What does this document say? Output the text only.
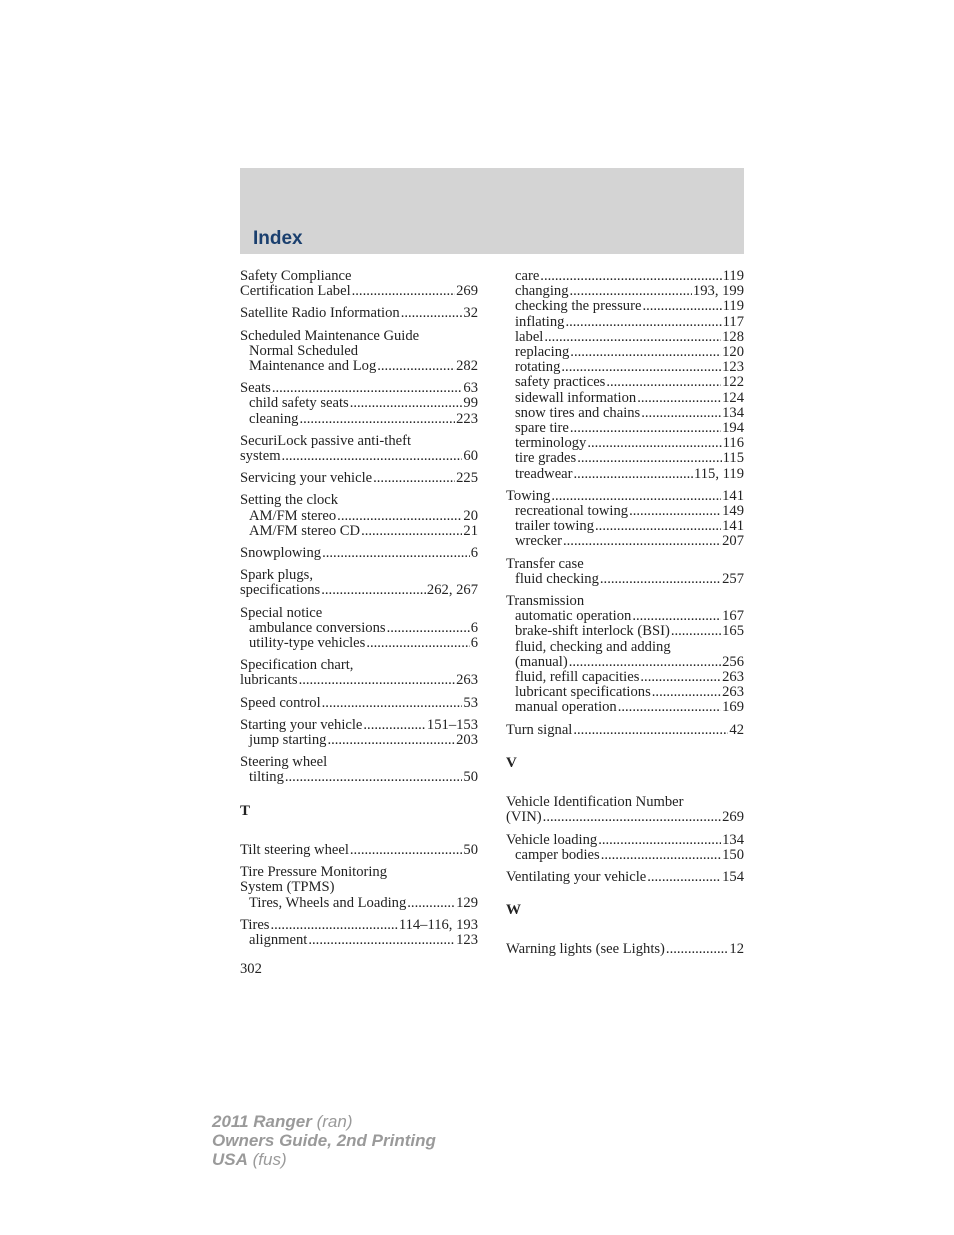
Index
Safety Compliance
Certification Label .....	269
Satellite Radio Information .....	32
Scheduled Maintenance Guide
Normal Scheduled
Maintenance and Log .....	282
Seats .....	63
child safety seats .....	99
cleaning .....	223
SecuriLock passive anti-theft
system .....	60
Servicing your vehicle .....	225
Setting the clock
AM/FM stereo .....	20
AM/FM stereo CD .....	21
Snowplowing .....	6
Spark plugs,
specifications .....	262, 267
Special notice
ambulance conversions .....	6
utility-type vehicles .....	6
Specification chart,
lubricants .....	263
Speed control .....	53
Starting your vehicle .....	151–153
jump starting .....	203
Steering wheel
tilting .....	50
T
Tilt steering wheel .....	50
Tire Pressure Monitoring
System (TPMS)
Tires, Wheels and Loading .....	129
Tires .....	114–116, 193
alignment .....	123
care .....	119
changing .....	193, 199
checking the pressure .....	119
inflating .....	117
label .....	128
replacing .....	120
rotating .....	123
safety practices .....	122
sidewall information .....	124
snow tires and chains .....	134
spare tire .....	194
terminology .....	116
tire grades .....	115
treadwear .....	115, 119
Towing .....	141
recreational towing .....	149
trailer towing .....	141
wrecker .....	207
Transfer case
fluid checking .....	257
Transmission
automatic operation .....	167
brake-shift interlock (BSI) .....	165
fluid, checking and adding
(manual) .....	256
fluid, refill capacities .....	263
lubricant specifications .....	263
manual operation .....	169
Turn signal .....	42
V
Vehicle Identification Number
(VIN) .....	269
Vehicle loading .....	134
camper bodies .....	150
Ventilating your vehicle .....	154
W
Warning lights (see Lights) .....	12
302
2011 Ranger (ran)
Owners Guide, 2nd Printing
USA (fus)
